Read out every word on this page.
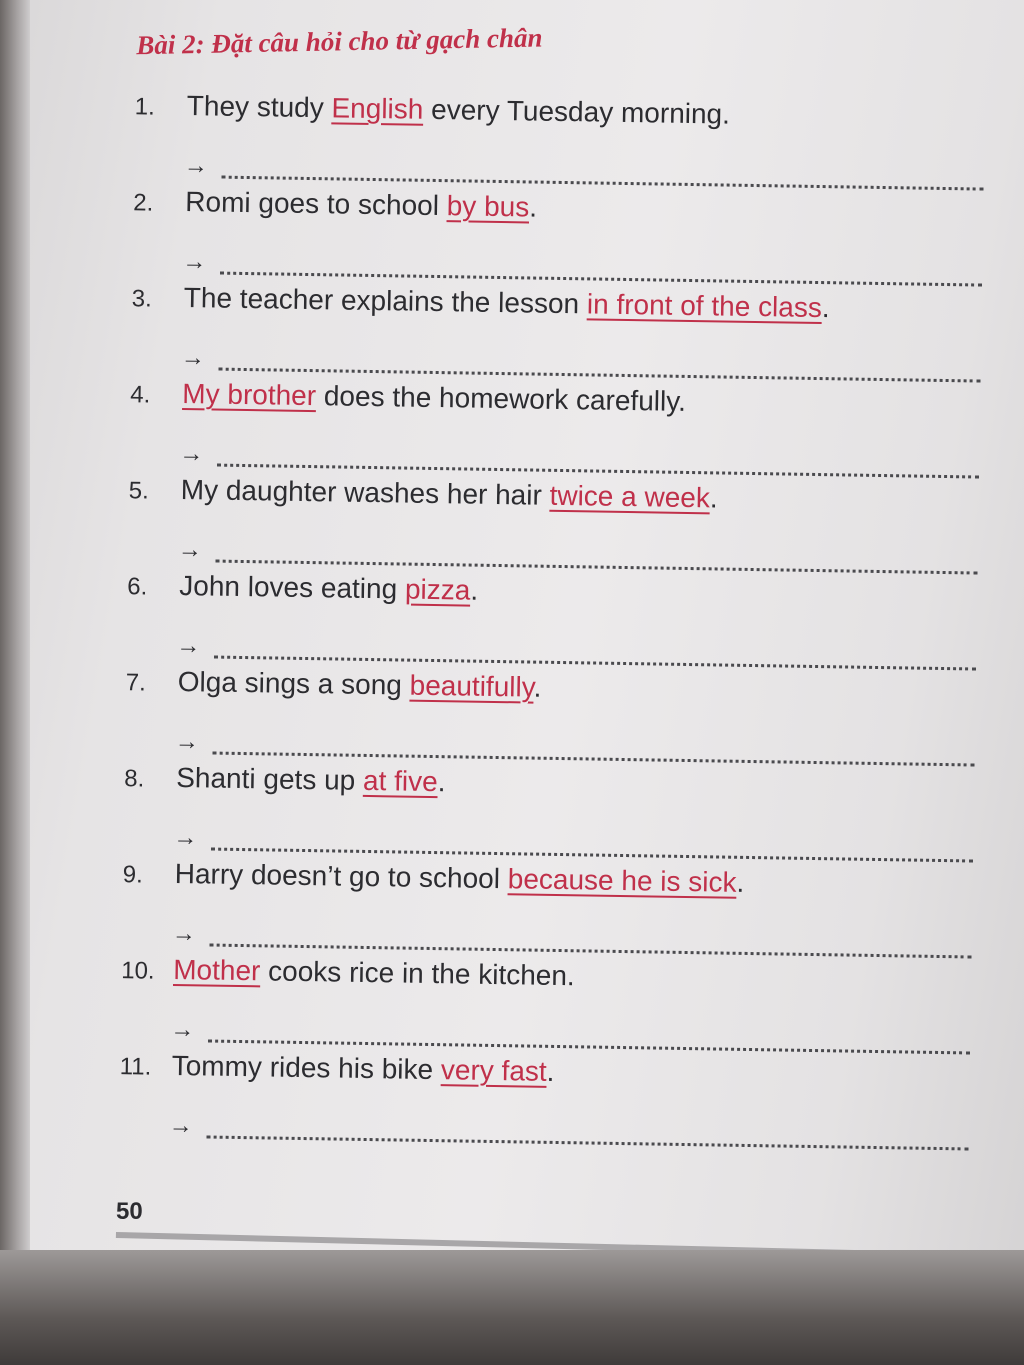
Bài 2: Đặt câu hỏi cho từ gạch chân
1. They study English every Tuesday morning.
→
2. Romi goes to school by bus.
→
3. The teacher explains the lesson in front of the class.
→
4. My brother does the homework carefully.
→
5. My daughter washes her hair twice a week.
→
6. John loves eating pizza.
→
7. Olga sings a song beautifully.
→
8. Shanti gets up at five.
→
9. Harry doesn’t go to school because he is sick.
→
10. Mother cooks rice in the kitchen.
→
11. Tommy rides his bike very fast.
→
50
